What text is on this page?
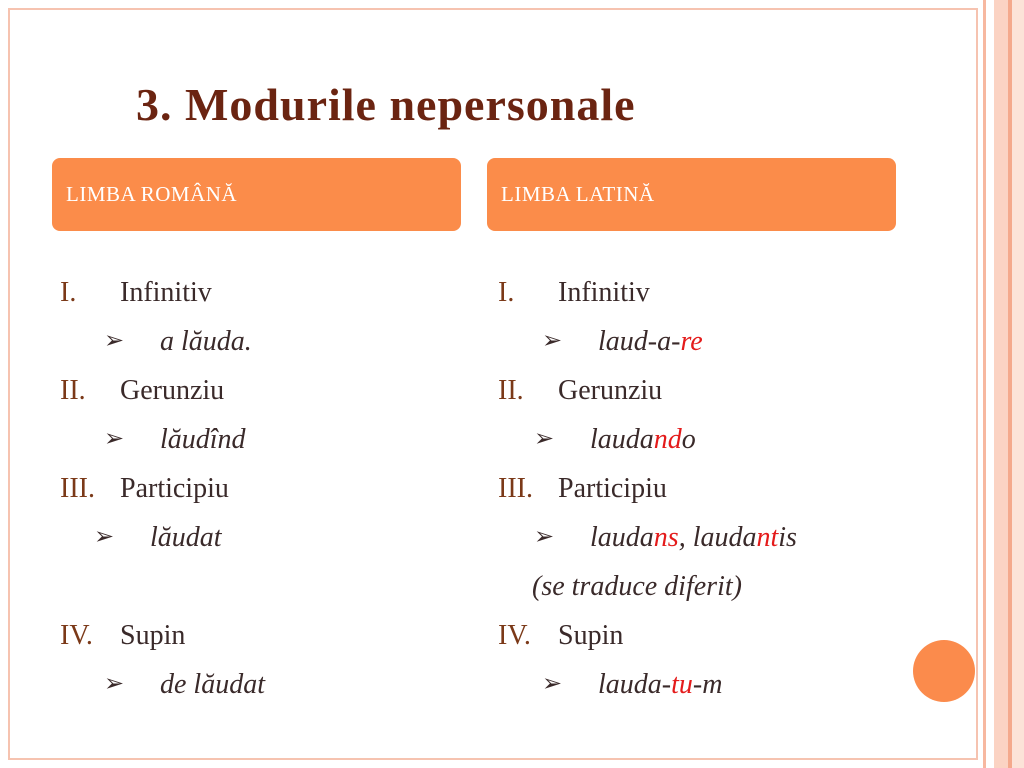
3. Modurile nepersonale
LIMBA ROMÂNĂ	LIMBA LATINĂ
I. Infinitiv
➢ a lăuda.
II. Gerunziu
➢ lăudînd
III. Participiu
➢ lăudat
IV. Supin
➢ de lăudat
I. Infinitiv
➢ laud-a-re
II. Gerunziu
➢ laudando
III. Participiu
➢ laudans, laudantis
(se traduce diferit)
IV. Supin
➢ lauda-tu-m
